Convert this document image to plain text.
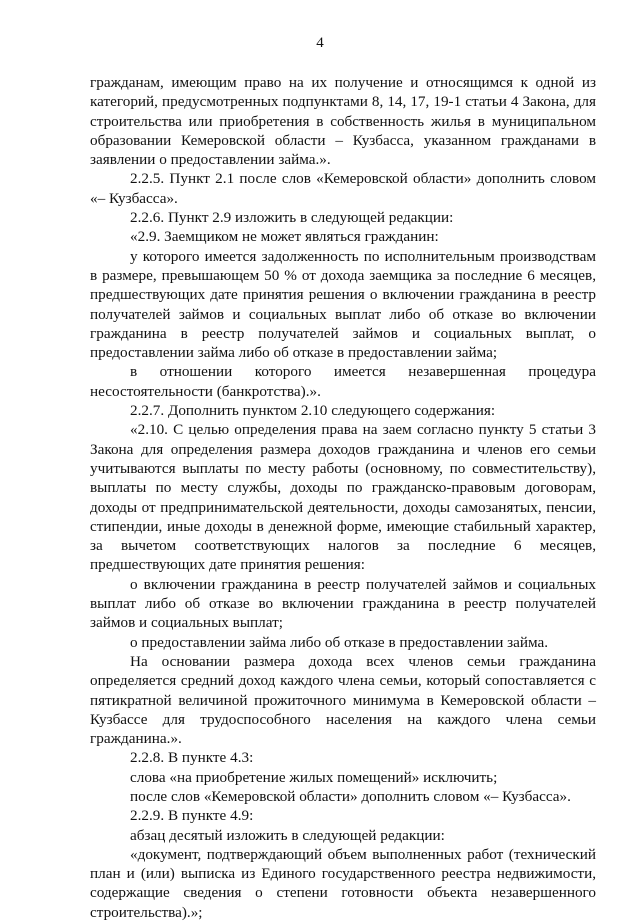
4

гражданам, имеющим право на их получение и относящимся к одной из категорий, предусмотренных подпунктами 8, 14, 17, 19-1 статьи 4 Закона, для строительства или приобретения в собственность жилья в муниципальном образовании Кемеровской области – Кузбасса, указанном гражданами в заявлении о предоставлении займа.».

2.2.5. Пункт 2.1 после слов «Кемеровской области» дополнить словом «– Кузбасса».

2.2.6. Пункт 2.9 изложить в следующей редакции:

«2.9. Заемщиком не может являться гражданин:

у которого имеется задолженность по исполнительным производствам в размере, превышающем 50 % от дохода заемщика за последние 6 месяцев, предшествующих дате принятия решения о включении гражданина в реестр получателей займов и социальных выплат либо об отказе во включении гражданина в реестр получателей займов и социальных выплат, о предоставлении займа либо об отказе в предоставлении займа;

в отношении которого имеется незавершенная процедура несостоятельности (банкротства).».

2.2.7. Дополнить пунктом 2.10 следующего содержания:

«2.10. С целью определения права на заем согласно пункту 5 статьи 3 Закона для определения размера доходов гражданина и членов его семьи учитываются выплаты по месту работы (основному, по совместительству), выплаты по месту службы, доходы по гражданско-правовым договорам, доходы от предпринимательской деятельности, доходы самозанятых, пенсии, стипендии, иные доходы в денежной форме, имеющие стабильный характер, за вычетом соответствующих налогов за последние 6 месяцев, предшествующих дате принятия решения:

о включении гражданина в реестр получателей займов и социальных выплат либо об отказе во включении гражданина в реестр получателей займов и социальных выплат;

о предоставлении займа либо об отказе в предоставлении займа.

На основании размера дохода всех членов семьи гражданина определяется средний доход каждого члена семьи, который сопоставляется с пятикратной величиной прожиточного минимума в Кемеровской области – Кузбассе для трудоспособного населения на каждого члена семьи гражданина.».

2.2.8. В пункте 4.3:

слова «на приобретение жилых помещений» исключить;

после слов «Кемеровской области» дополнить словом «– Кузбасса».

2.2.9. В пункте 4.9:

абзац десятый изложить в следующей редакции:

«документ, подтверждающий объем выполненных работ (технический план и (или) выписка из Единого государственного реестра недвижимости, содержащие сведения о степени готовности объекта незавершенного строительства).»;
